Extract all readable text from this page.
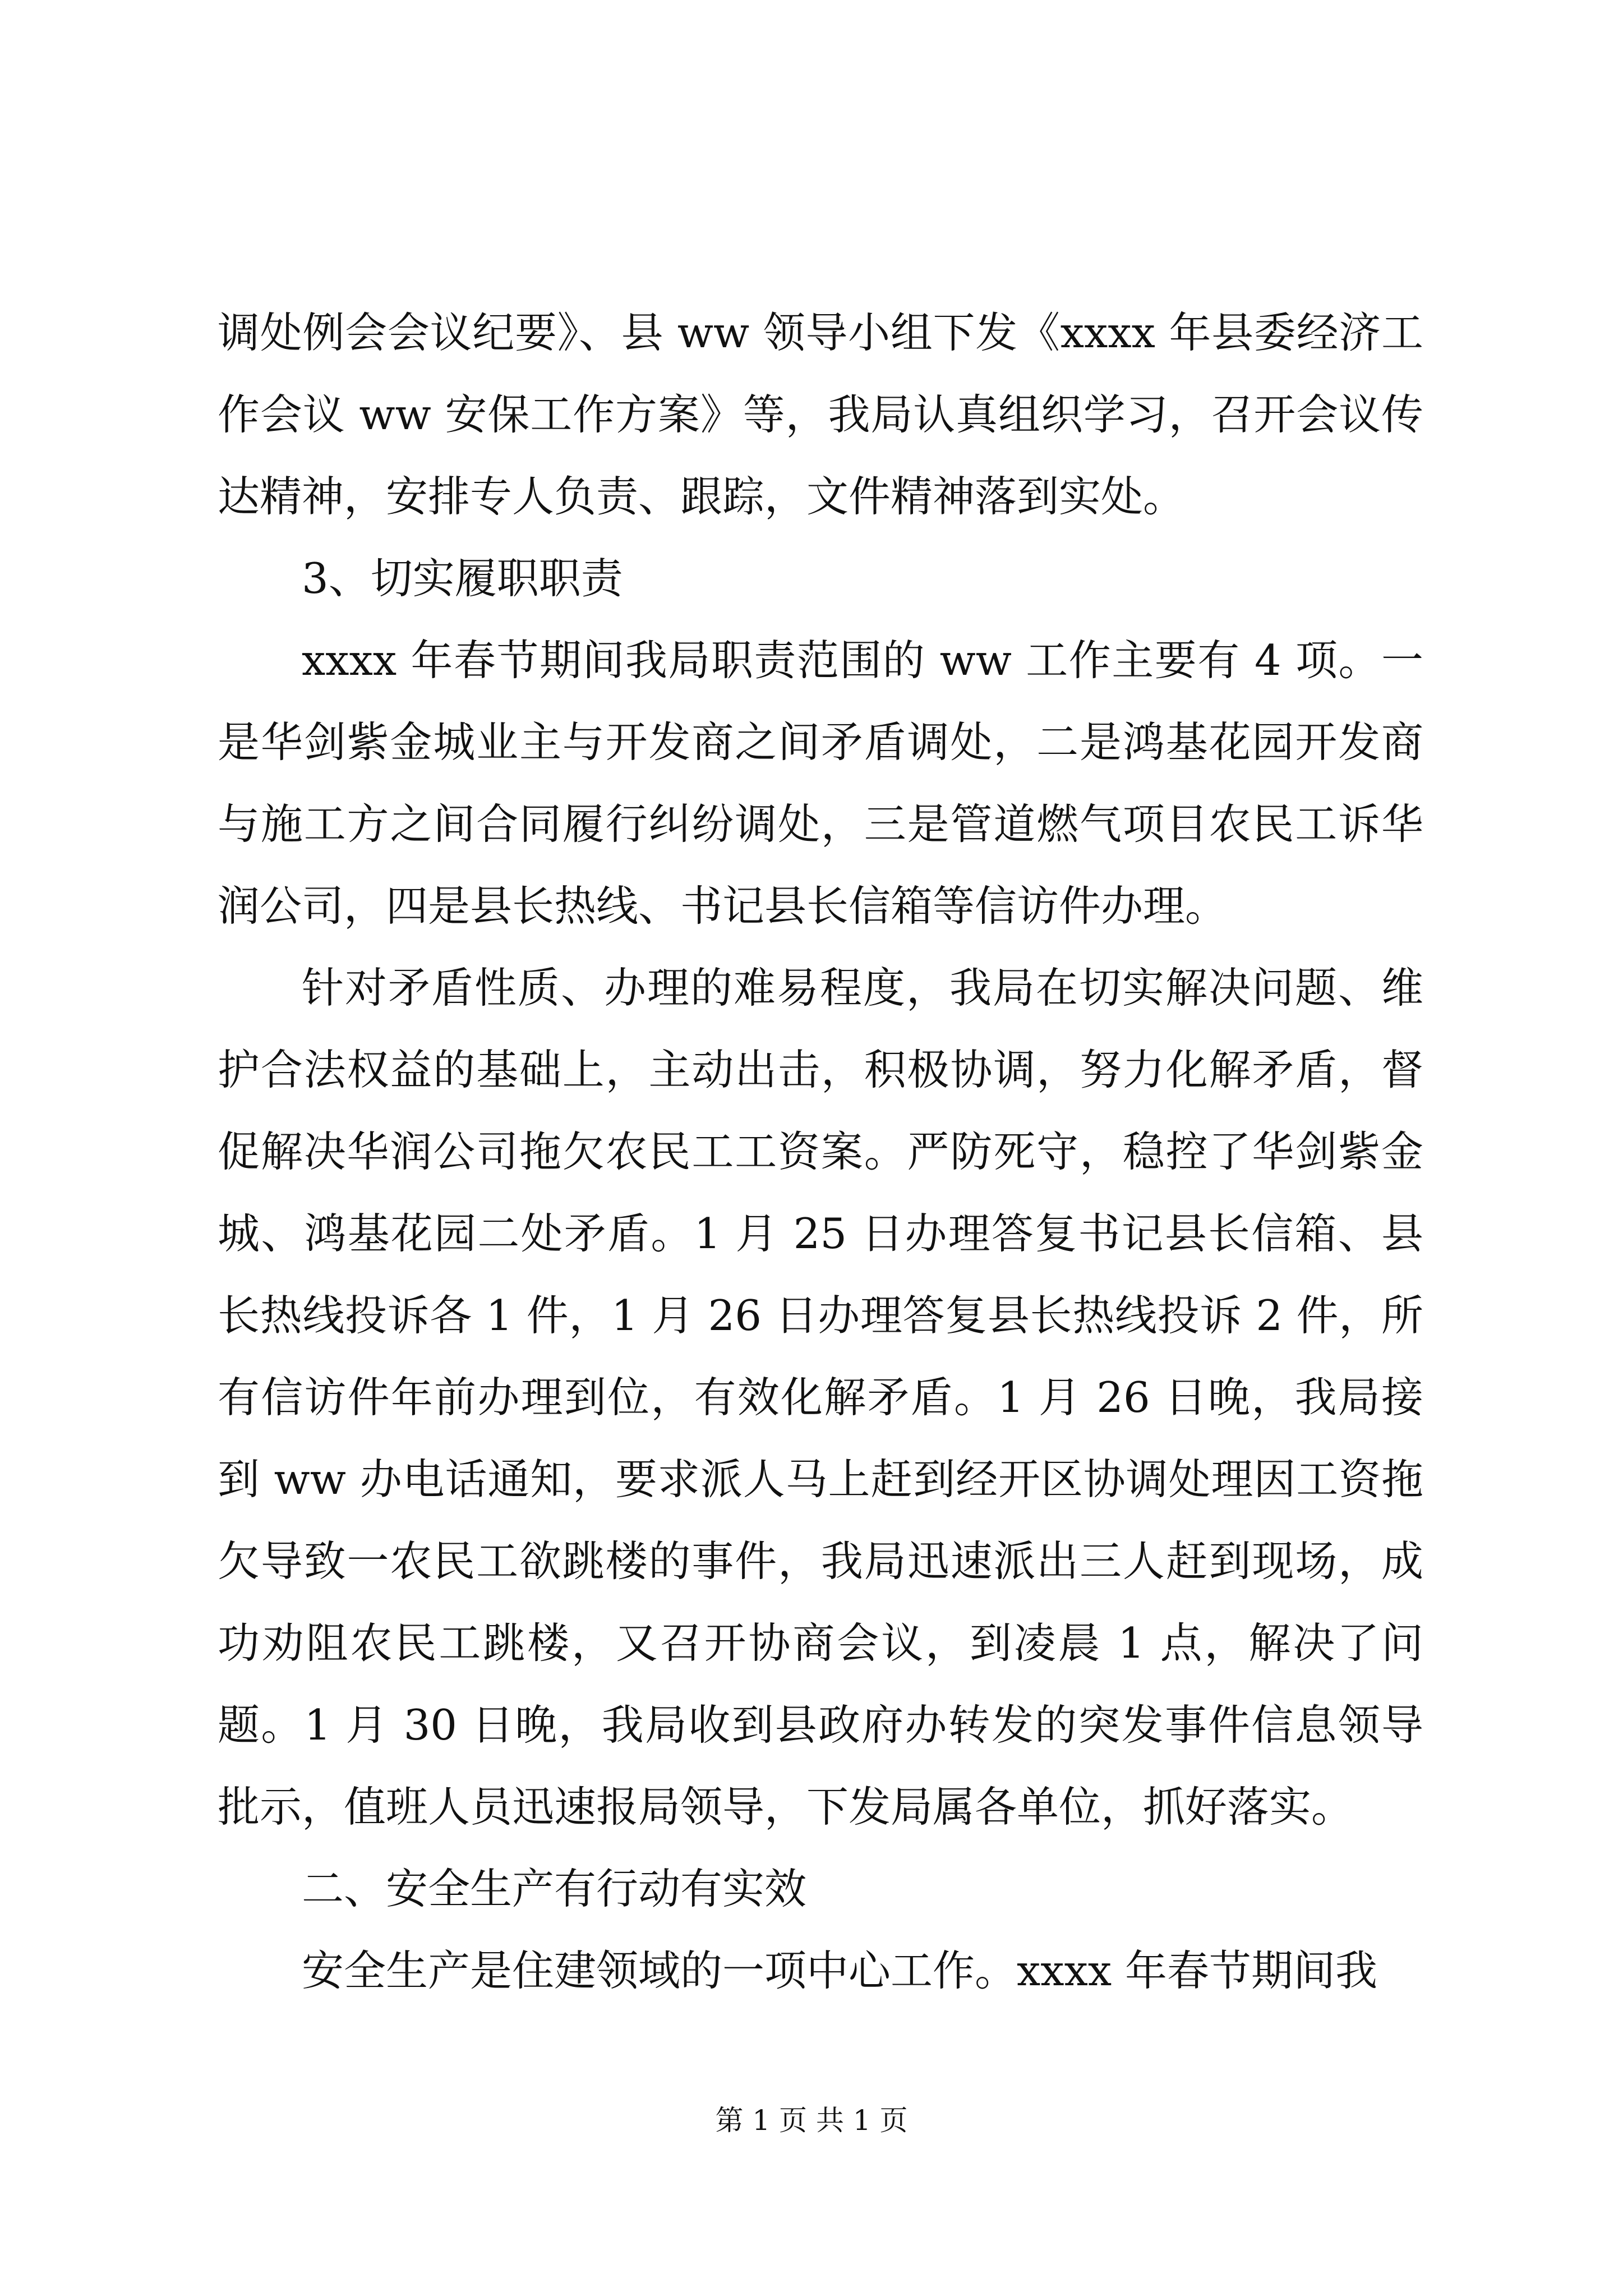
调处例会会议纪要》、县 ww 领导小组下发《xxxx 年县委经济工作会议 ww 安保工作方案》等，我局认真组织学习，召开会议传达精神，安排专人负责、跟踪，文件精神落到实处。

3、切实履职职责

xxxx 年春节期间我局职责范围的 ww 工作主要有 4 项。一是华剑紫金城业主与开发商之间矛盾调处，二是鸿基花园开发商与施工方之间合同履行纠纷调处，三是管道燃气项目农民工诉华润公司，四是县长热线、书记县长信箱等信访件办理。

针对矛盾性质、办理的难易程度，我局在切实解决问题、维护合法权益的基础上，主动出击，积极协调，努力化解矛盾，督促解决华润公司拖欠农民工工资案。严防死守，稳控了华剑紫金城、鸿基花园二处矛盾。1 月 25 日办理答复书记县长信箱、县长热线投诉各 1 件，1 月 26 日办理答复县长热线投诉 2 件，所有信访件年前办理到位，有效化解矛盾。1 月 26 日晚，我局接到 ww 办电话通知，要求派人马上赶到经开区协调处理因工资拖欠导致一农民工欲跳楼的事件，我局迅速派出三人赶到现场，成功劝阻农民工跳楼，又召开协商会议，到凌晨 1 点，解决了问题。1 月 30 日晚，我局收到县政府办转发的突发事件信息领导批示，值班人员迅速报局领导，下发局属各单位，抓好落实。

二、安全生产有行动有实效

安全生产是住建领域的一项中心工作。xxxx 年春节期间我

第 1 页 共 1 页
